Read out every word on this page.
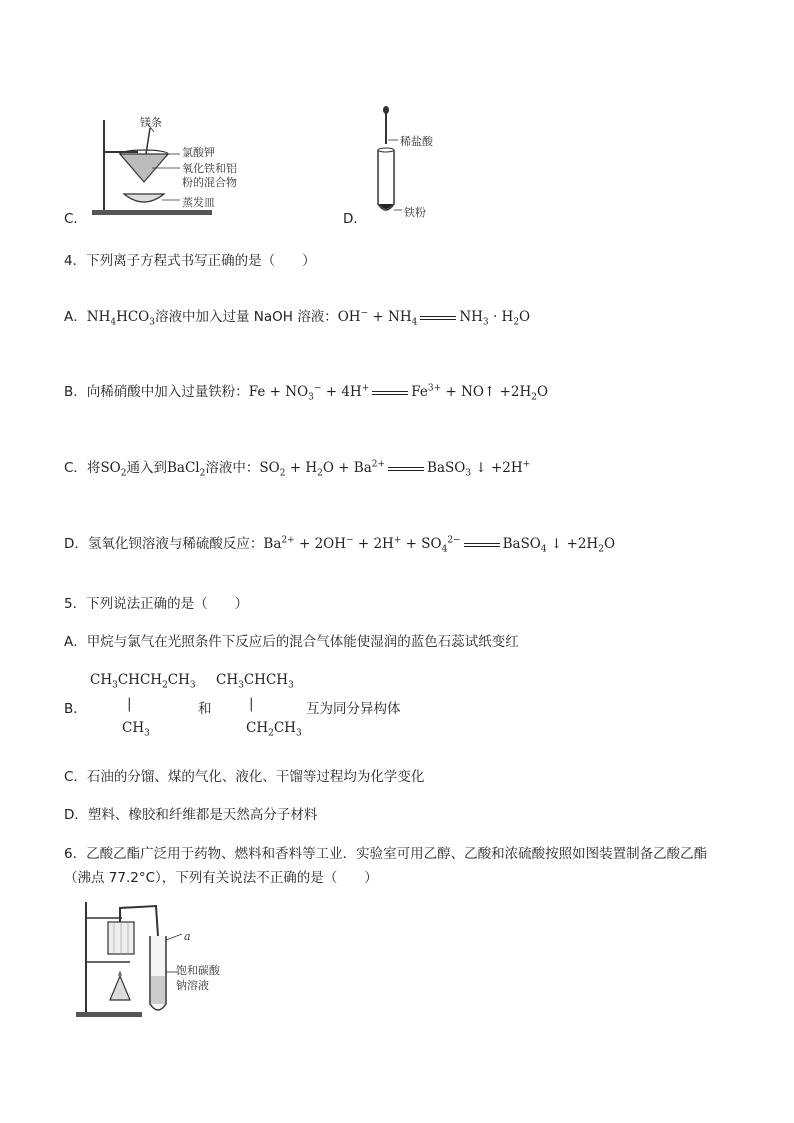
镁条
氯酸钾
氧化铁和铝
粉的混合物
蒸发皿
C．
稀盐酸
铁粉
D．
4．下列离子方程式书写正确的是（　　）
A．$NH_4HCO_3$溶液中加入过量 NaOH 溶液：$OH^- + NH_4$	$NH_3 \cdot H_2O$
B．向稀硝酸中加入过量铁粉：$Fe + NO_3^- + 4H^+$	$Fe^{3+}$ + NO↑ $+2H_2O$
C．将$SO_2$通入到BaCl$_2$溶液中：$SO_2 + H_2O + Ba^{2+}$	BaSO$_3$ ↓ +2H+
D．氢氧化钡溶液与稀硫酸反应：$Ba^{2+} + 2OH^- + 2H^+ + SO_4^{2-}$	BaSO$_4$ ↓ $+2H_2O$
5．下列说法正确的是（　　）
A．甲烷与氯气在光照条件下反应后的混合气体能使湿润的蓝色石蕊试纸变红
$CH_3CHCH_2CH_3$ $CH_3CHCH_3$
B．	|	和	|	互为同分异构体
$CH_3$	$CH_2CH_3$
C．石油的分馏、煤的气化、液化、干馏等过程均为化学变化
D．塑料、橡胶和纤维都是天然高分子材料
6．乙酸乙酯广泛用于药物、燃料和香料等工业．实验室可用乙醇、乙酸和浓硫酸按照如图装置制备乙酸乙酯
（沸点 77.2°C），下列有关说法不正确的是（　　）
a
饱和碳酸
钠溶液
